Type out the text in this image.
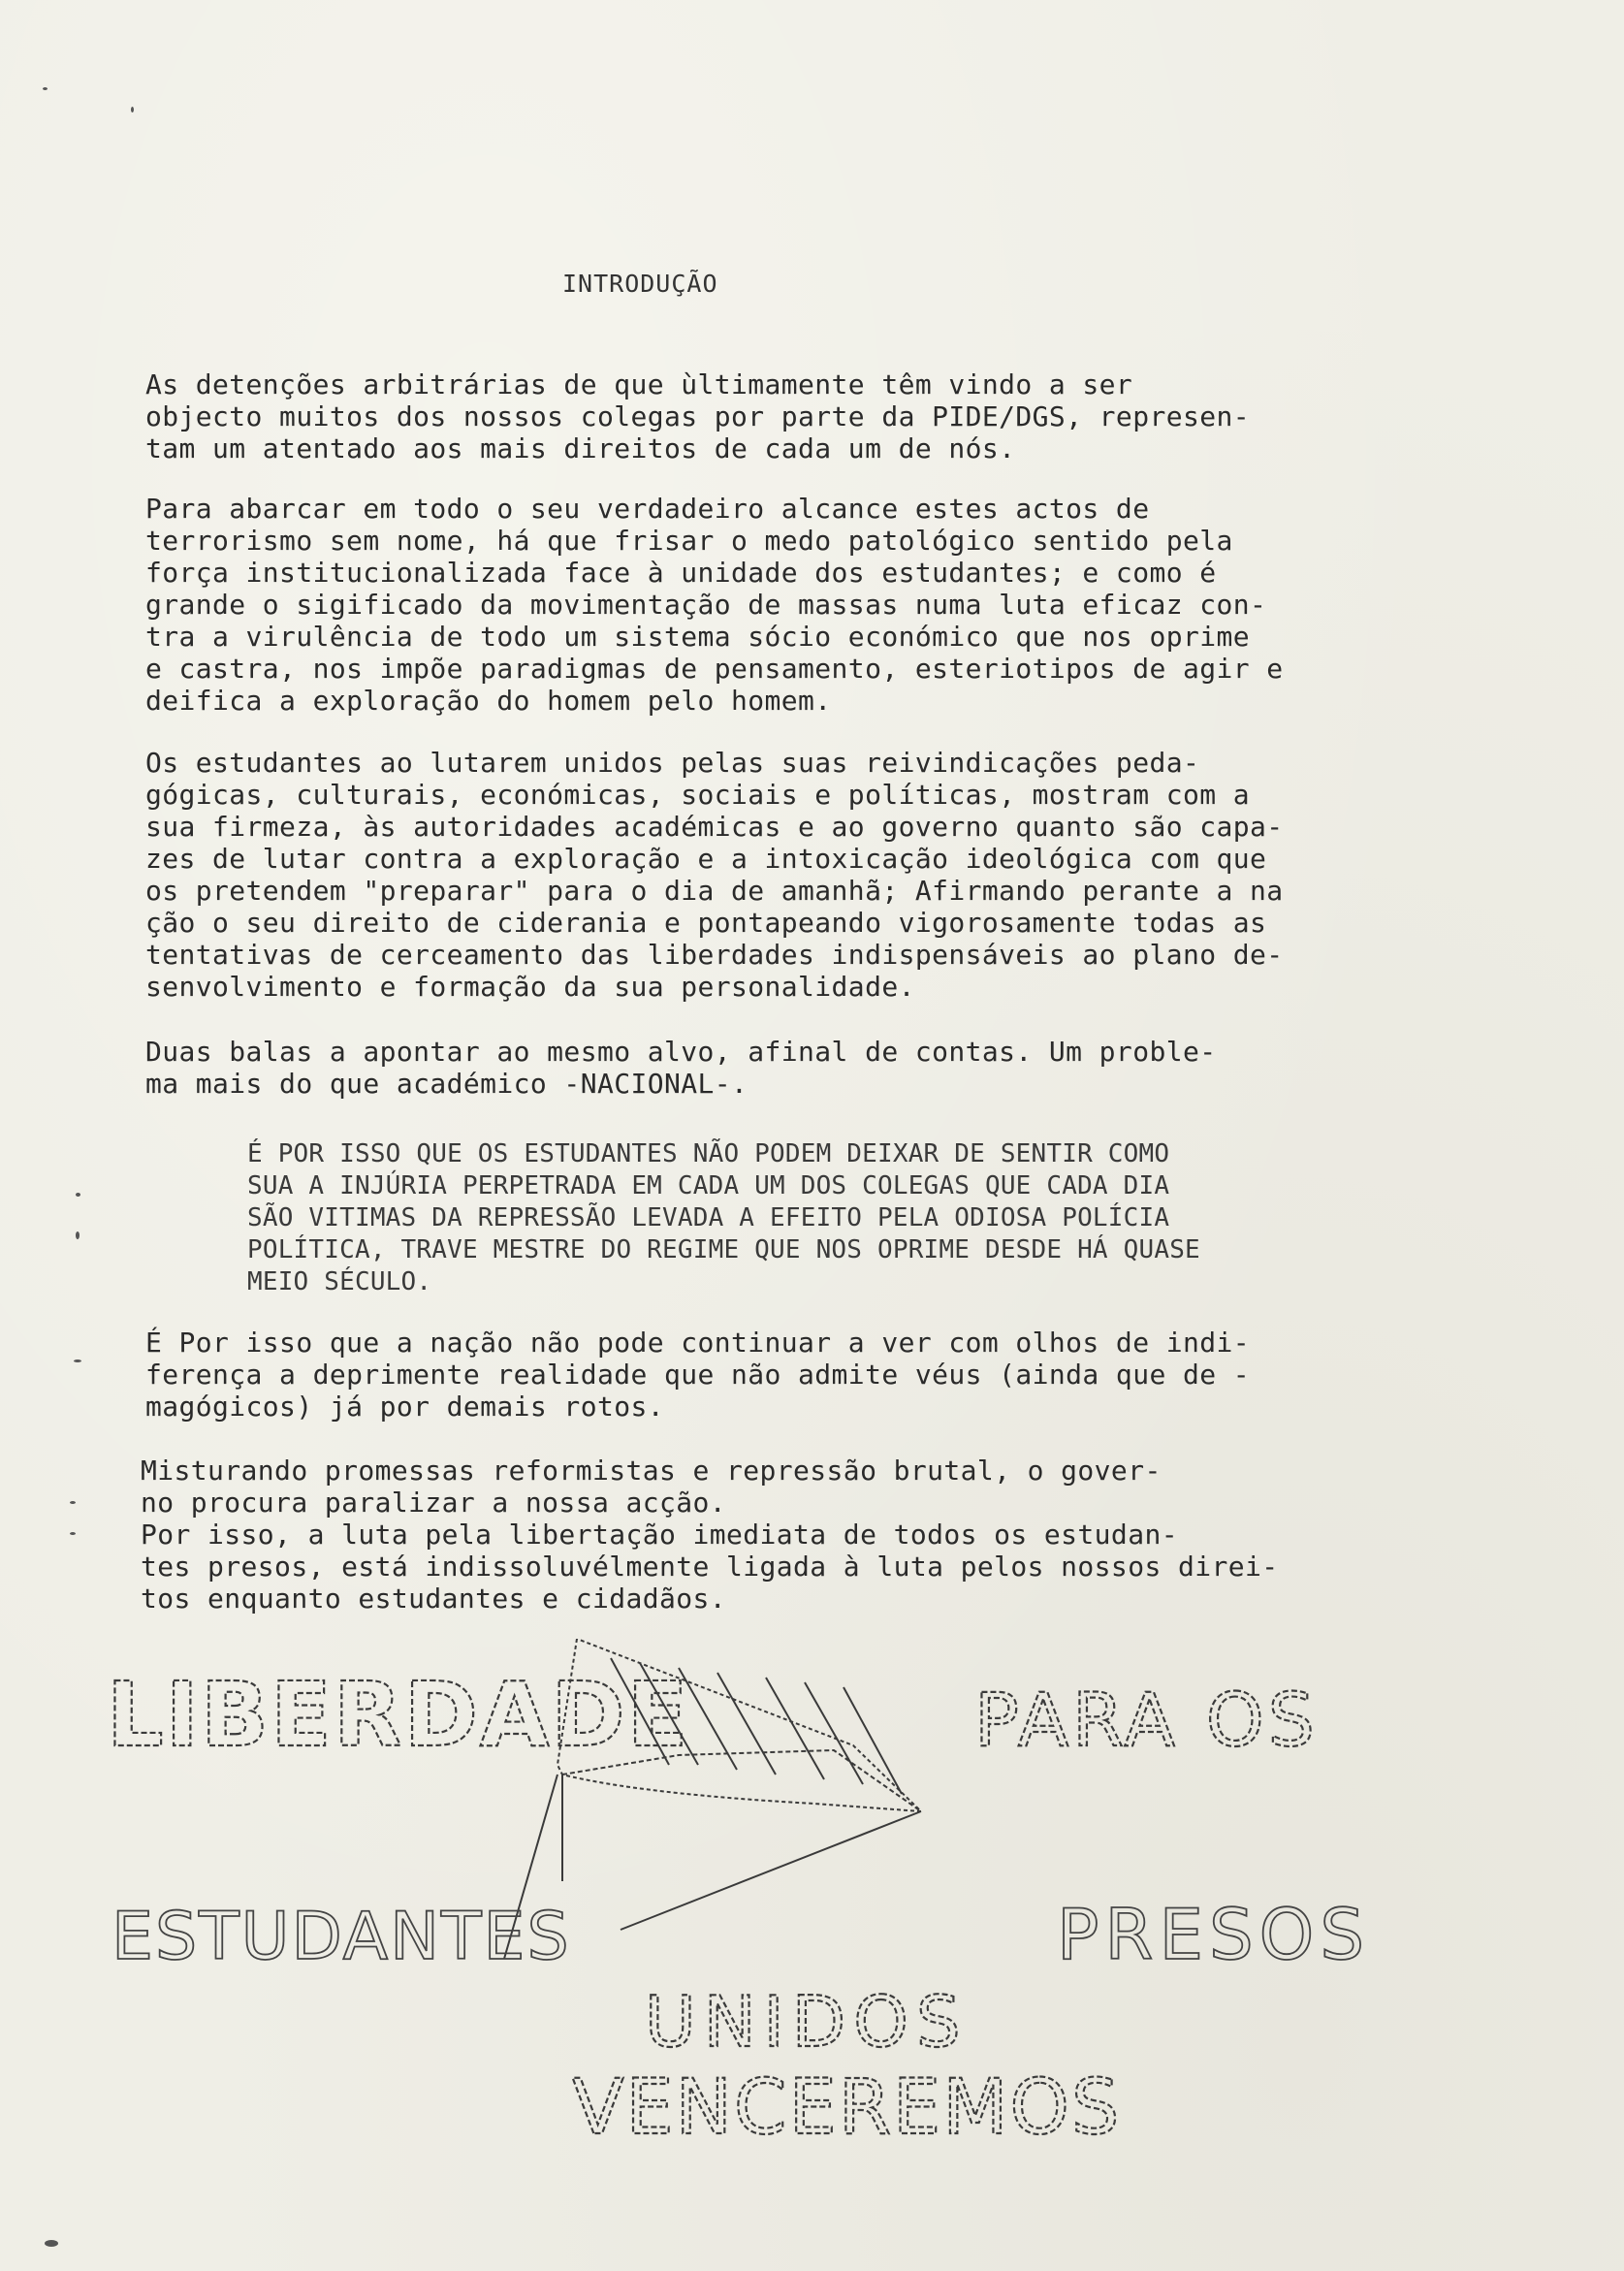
INTRODUÇÃO
As detenções arbitrárias de que ùltimamente têm vindo a ser
objecto muitos dos nossos colegas por parte da PIDE/DGS, represen-
tam um atentado aos mais direitos de cada um de nós.
Para abarcar em todo o seu verdadeiro alcance estes actos de
terrorismo sem nome, há que frisar o medo patológico sentido pela
força institucionalizada face à unidade dos estudantes; e como é
grande o sigificado da movimentação de massas numa luta eficaz con-
tra a virulência de todo um sistema sócio económico que nos oprime
e castra, nos impõe paradigmas de pensamento, esteriotipos de agir e
deifica a exploração do homem pelo homem.
Os estudantes ao lutarem unidos pelas suas reivindicações peda-
gógicas, culturais, económicas, sociais e políticas, mostram com a
sua firmeza, às autoridades académicas e ao governo quanto são capa-
zes de lutar contra a exploração e a intoxicação ideológica com que
os pretendem "preparar" para o dia de amanhã; Afirmando perante a na
ção o seu direito de ciderania e pontapeando vigorosamente todas as
tentativas de cerceamento das liberdades indispensáveis ao plano de-
senvolvimento e formação da sua personalidade.
Duas balas a apontar ao mesmo alvo, afinal de contas. Um proble-
ma mais do que académico -NACIONAL-.
É POR ISSO QUE OS ESTUDANTES NÃO PODEM DEIXAR DE SENTIR COMO
SUA A INJÚRIA PERPETRADA EM CADA UM DOS COLEGAS QUE CADA DIA
SÃO VITIMAS DA REPRESSÃO LEVADA A EFEITO PELA ODIOSA POLÍCIA
POLÍTICA, TRAVE MESTRE DO REGIME QUE NOS OPRIME DESDE HÁ QUASE
MEIO SÉCULO.
É Por isso que a nação não pode continuar a ver com olhos de indi-
ferença a deprimente realidade que não admite véus (ainda que de -
magógicos) já por demais rotos.
Misturando promessas reformistas e repressão brutal, o gover-
no procura paralizar a nossa acção.
Por isso, a luta pela libertação imediata de todos os estudan-
tes presos, está indissoluvélmente ligada à luta pelos nossos direi-
tos enquanto estudantes e cidadãos.
LIBERDADE	PARA OS
ESTUDANTES	PRESOS
UNIDOS
VENCEREMOS
